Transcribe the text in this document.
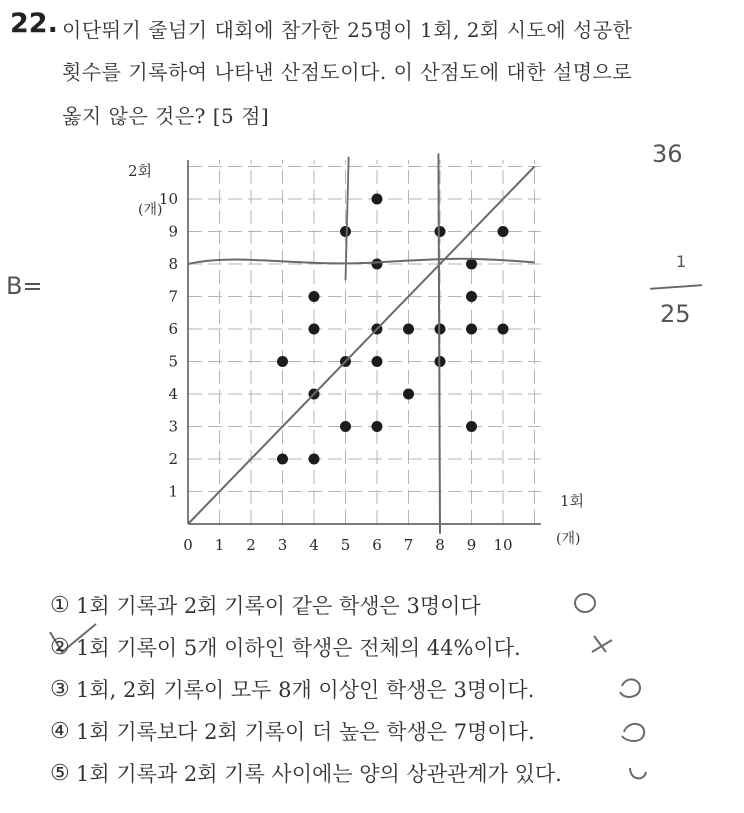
22. 이단뛰기 줄넘기 대회에 참가한 25명이 1회, 2회 시도에 성공한
횟수를 기록하여 나타낸 산점도이다. 이 산점도에 대한 설명으로
옳지 않은 것은? [5 점]
0 1 2 3 4 5 6 7 8 9 10
1
2
3
4
5
6
7
8
9
10
2회
(개)
1회
(개)
① 1회 기록과 2회 기록이 같은 학생은 3명이다
② 1회 기록이 5개 이하인 학생은 전체의 44%이다.
③ 1회, 2회 기록이 모두 8개 이상인 학생은 3명이다.
④ 1회 기록보다 2회 기록이 더 높은 학생은 7명이다.
⑤ 1회 기록과 2회 기록 사이에는 양의 상관관계가 있다.
B=
36
1
25
